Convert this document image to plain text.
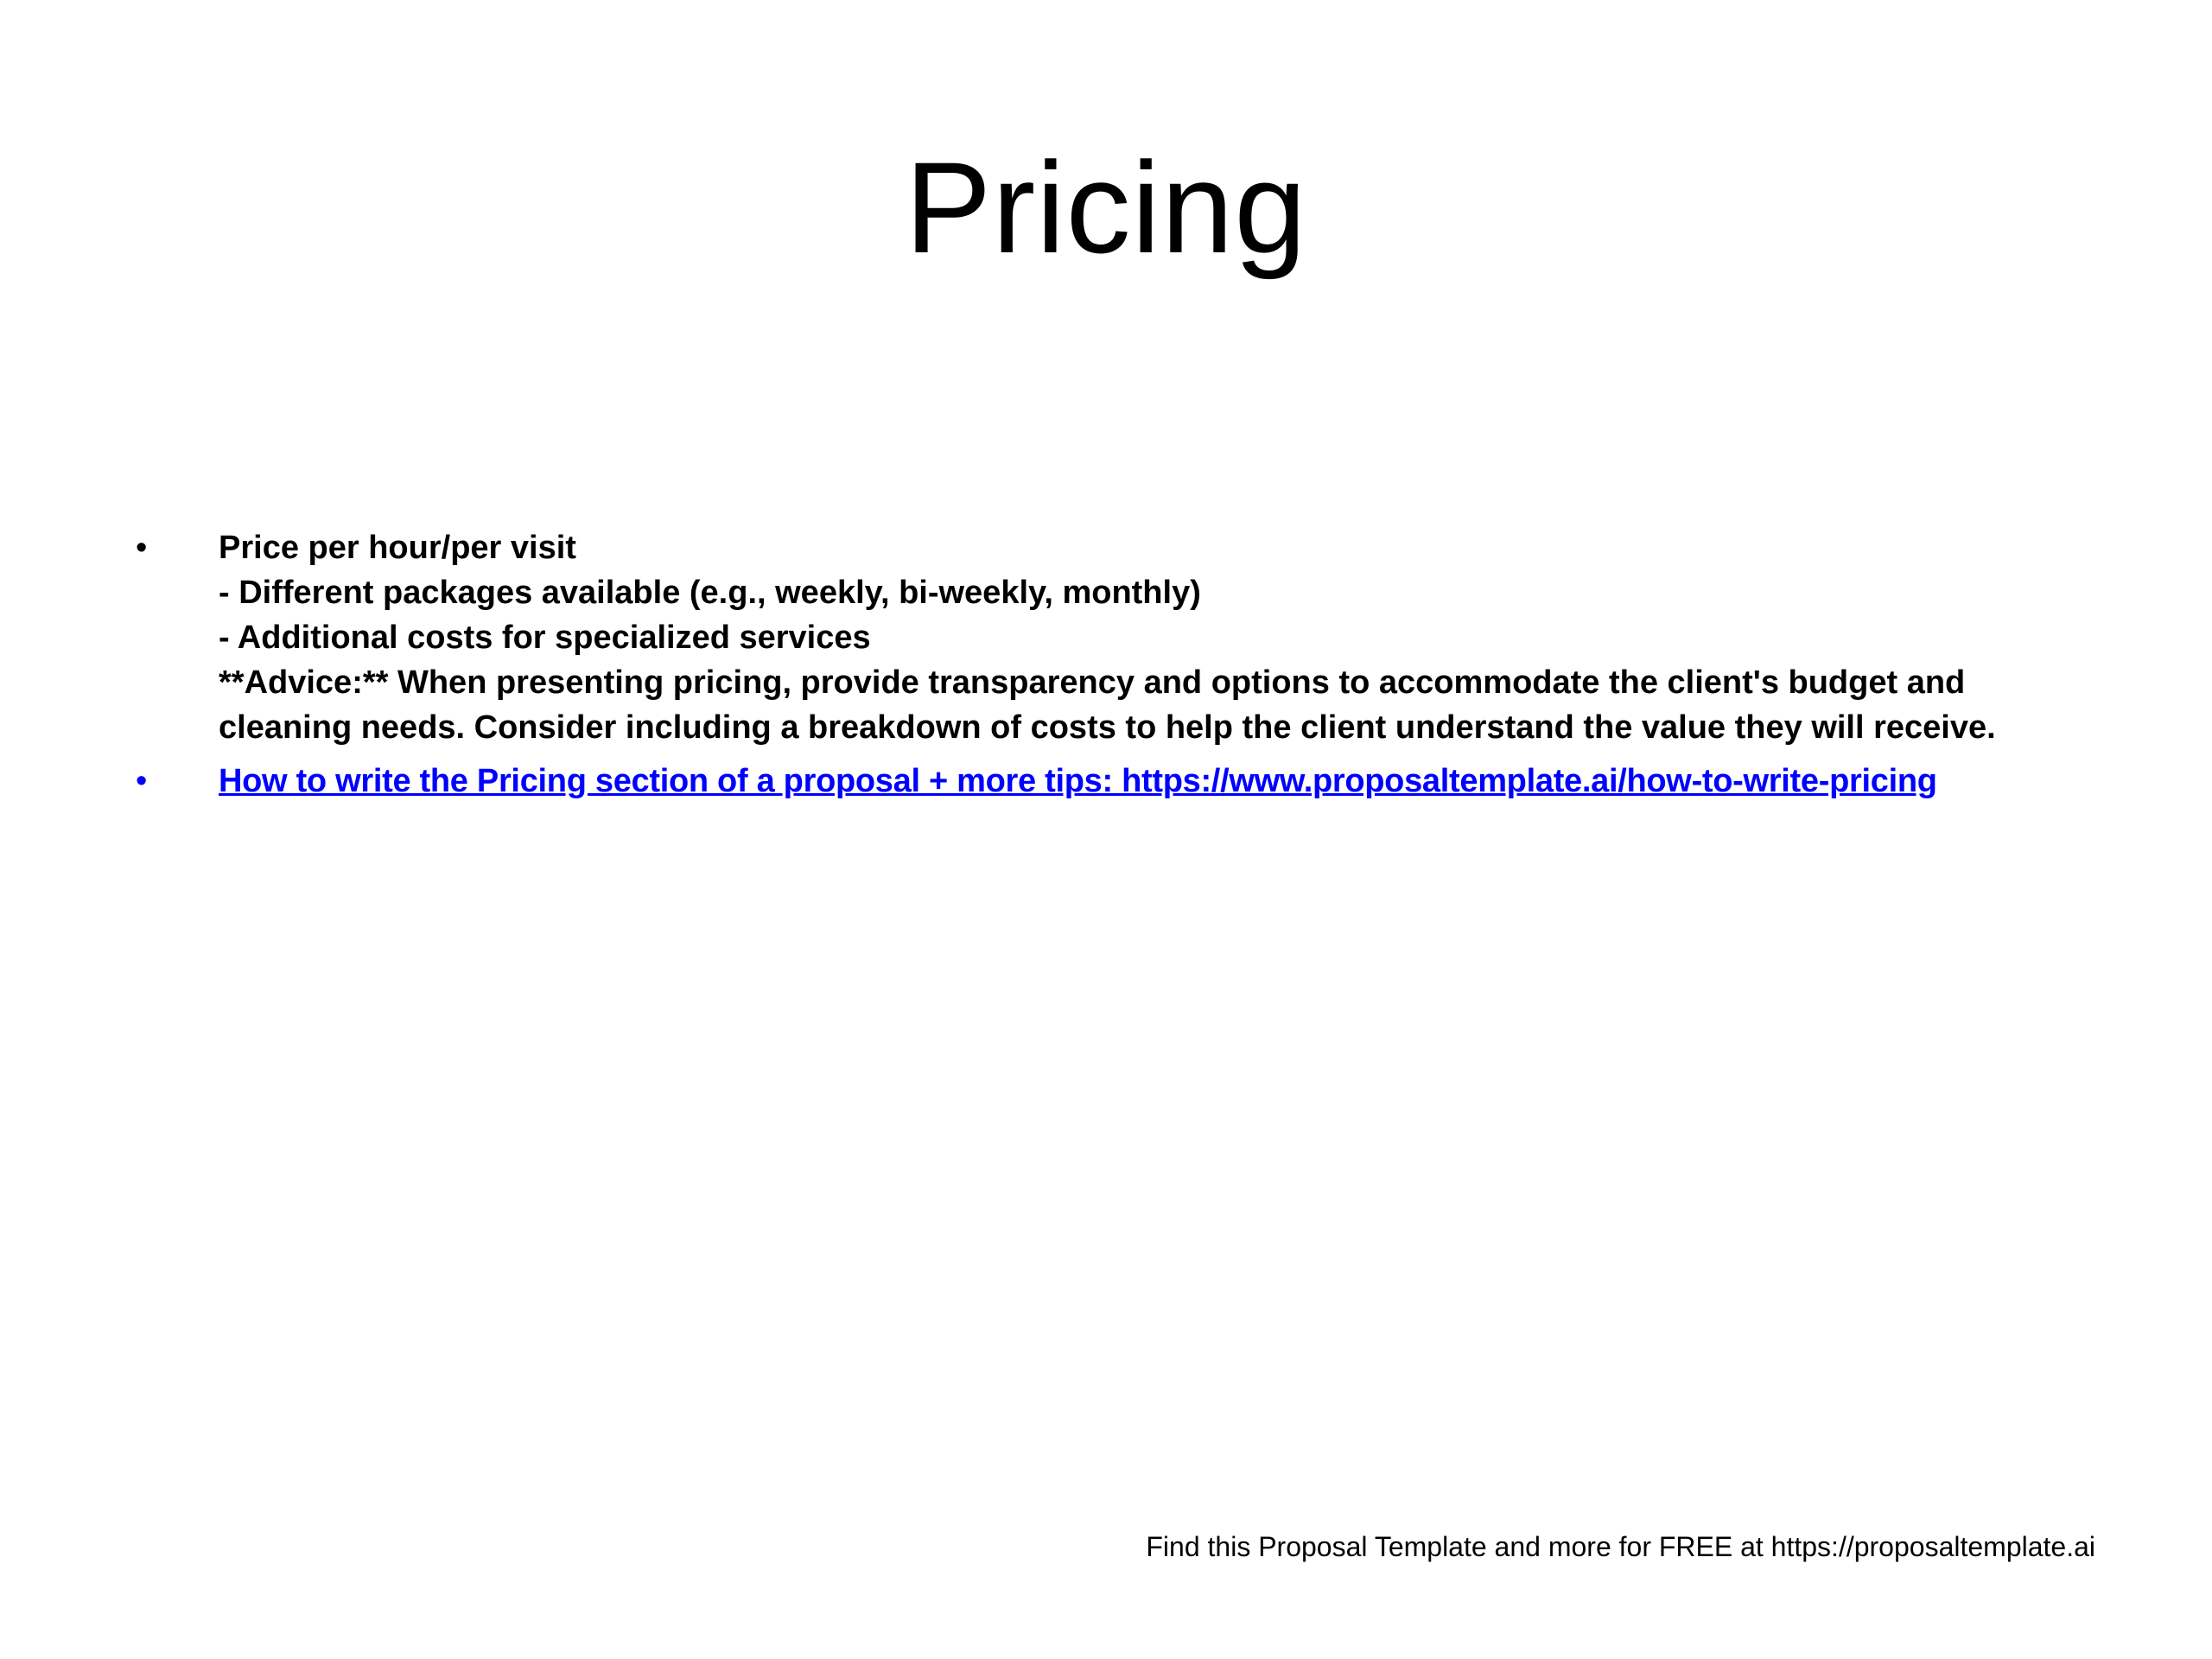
Pricing
• Price per hour/per visit
- Different packages available (e.g., weekly, bi-weekly, monthly)
- Additional costs for specialized services
**Advice:** When presenting pricing, provide transparency and options to accommodate the client's budget and cleaning needs. Consider including a breakdown of costs to help the client understand the value they will receive.
• How to write the Pricing section of a proposal + more tips: https://www.proposaltemplate.ai/how-to-write-pricing
Find this Proposal Template and more for FREE at https://proposaltemplate.ai
